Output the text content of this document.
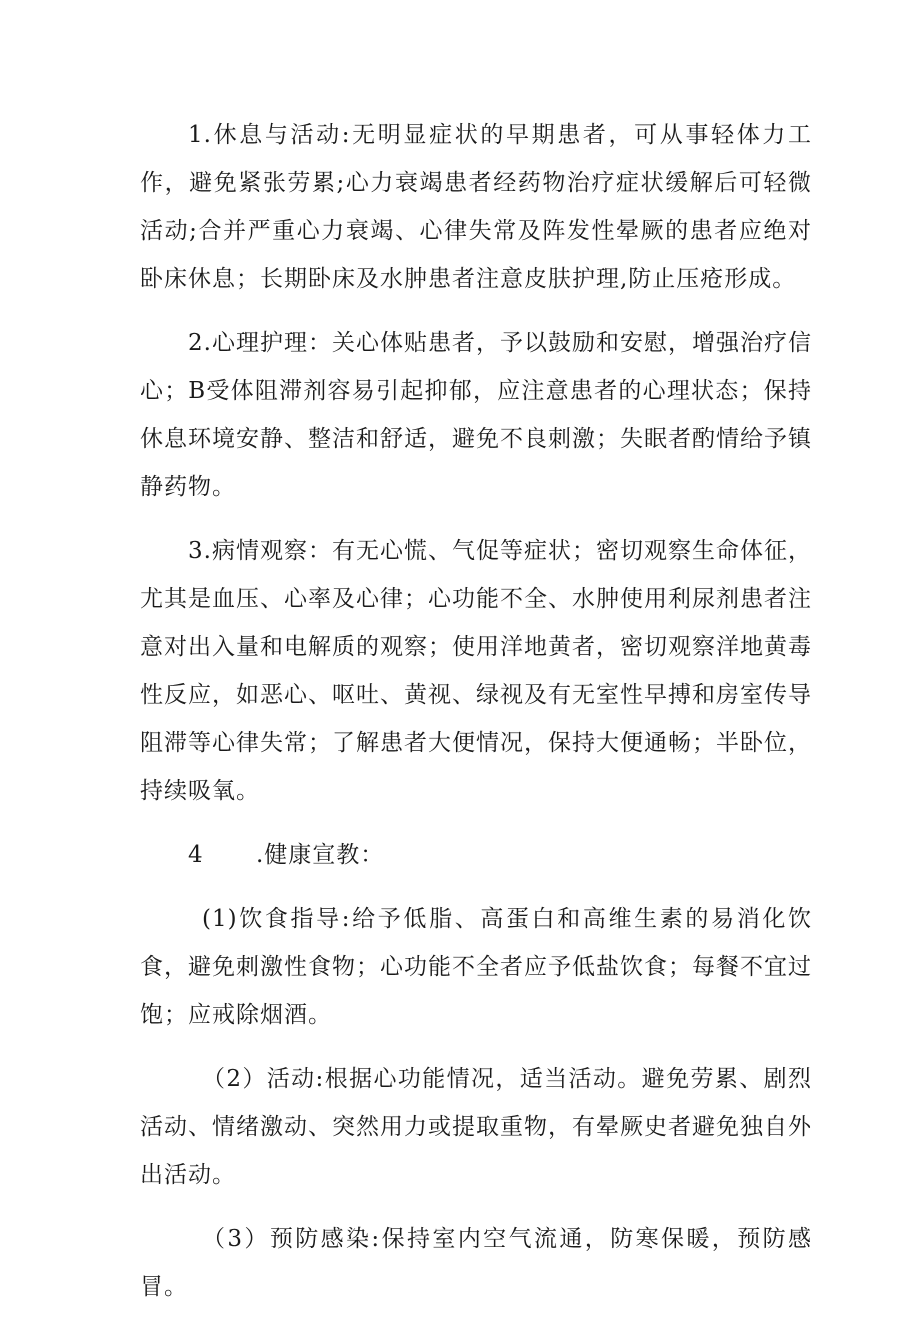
1.休息与活动:无明显症状的早期患者，可从事轻体力工作，避免紧张劳累;心力衰竭患者经药物治疗症状缓解后可轻微活动;合并严重心力衰竭、心律失常及阵发性晕厥的患者应绝对卧床休息；长期卧床及水肿患者注意皮肤护理,防止压疮形成。

2.心理护理：关心体贴患者，予以鼓励和安慰，增强治疗信心；B受体阻滞剂容易引起抑郁，应注意患者的心理状态；保持休息环境安静、整洁和舒适，避免不良刺激；失眠者酌情给予镇静药物。

3.病情观察：有无心慌、气促等症状；密切观察生命体征，尤其是血压、心率及心律；心功能不全、水肿使用利尿剂患者注意对出入量和电解质的观察；使用洋地黄者，密切观察洋地黄毒性反应，如恶心、呕吐、黄视、绿视及有无室性早搏和房室传导阻滞等心律失常；了解患者大便情况，保持大便通畅；半卧位，持续吸氧。

4 .健康宣教：

(1)饮食指导:给予低脂、高蛋白和高维生素的易消化饮食，避免刺激性食物；心功能不全者应予低盐饮食；每餐不宜过饱；应戒除烟酒。

（2）活动:根据心功能情况，适当活动。避免劳累、剧烈活动、情绪激动、突然用力或提取重物，有晕厥史者避免独自外出活动。

（3）预防感染:保持室内空气流通，防寒保暖，预防感冒。
